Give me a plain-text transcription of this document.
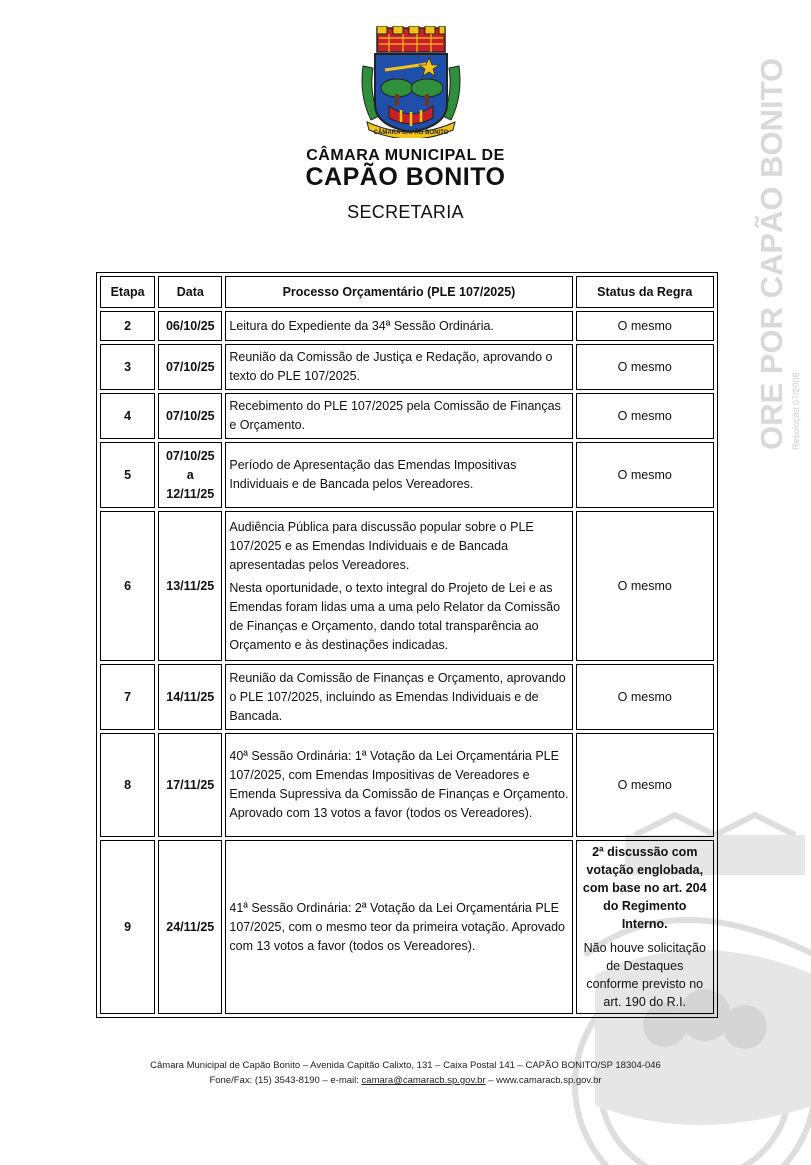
CÂMARA CAPÃO BONITO
CÂMARA MUNICIPAL DE
CAPÃO BONITO
SECRETARIA	ORE POR CAPÃO BONITO Resolução 07/2008
Etapa	Data	Processo Orçamentário (PLE 107/2025)	Status da Regra
2	06/10/25	Leitura do Expediente da 34ª Sessão Ordinária.	O mesmo
3	07/10/25	Reunião da Comissão de Justiça e Redação, aprovando o texto do PLE 107/2025.	O mesmo
4	07/10/25	Recebimento do PLE 107/2025 pela Comissão de Finanças e Orçamento.	O mesmo
5	07/10/25
a
12/11/25	Período de Apresentação das Emendas Impositivas Individuais e de Bancada pelos Vereadores.	O mesmo
6	13/11/25	Audiência Pública para discussão popular sobre o PLE 107/2025 e as Emendas Individuais e de Bancada apresentadas pelos Vereadores.

Nesta oportunidade, o texto integral do Projeto de Lei e as Emendas foram lidas uma a uma pelo Relator da Comissão de Finanças e Orçamento, dando total transparência ao Orçamento e às destinações indicadas.	O mesmo
7	14/11/25	Reunião da Comissão de Finanças e Orçamento, aprovando o PLE 107/2025, incluindo as Emendas Individuais e de Bancada.	O mesmo
8	17/11/25	40ª Sessão Ordinária: 1ª Votação da Lei Orçamentária PLE 107/2025, com Emendas Impositivas de Vereadores e Emenda Supressiva da Comissão de Finanças e Orçamento. Aprovado com 13 votos a favor (todos os Vereadores).	O mesmo
9	24/11/25	41ª Sessão Ordinária: 2ª Votação da Lei Orçamentária PLE 107/2025, com o mesmo teor da primeira votação. Aprovado com 13 votos a favor (todos os Vereadores).	2ª discussão com votação englobada, com base no art. 204 do Regimento Interno.
Não houve solicitação de Destaques conforme previsto no art. 190 do R.I.
Câmara Municipal de Capão Bonito – Avenida Capitão Calixto, 131 – Caixa Postal 141 – CAPÃO BONITO/SP 18304-046
Fone/Fax: (15) 3543-8190 – e-mail: camara@camaracb.sp.gov.br – www.camaracb.sp.gov.br
